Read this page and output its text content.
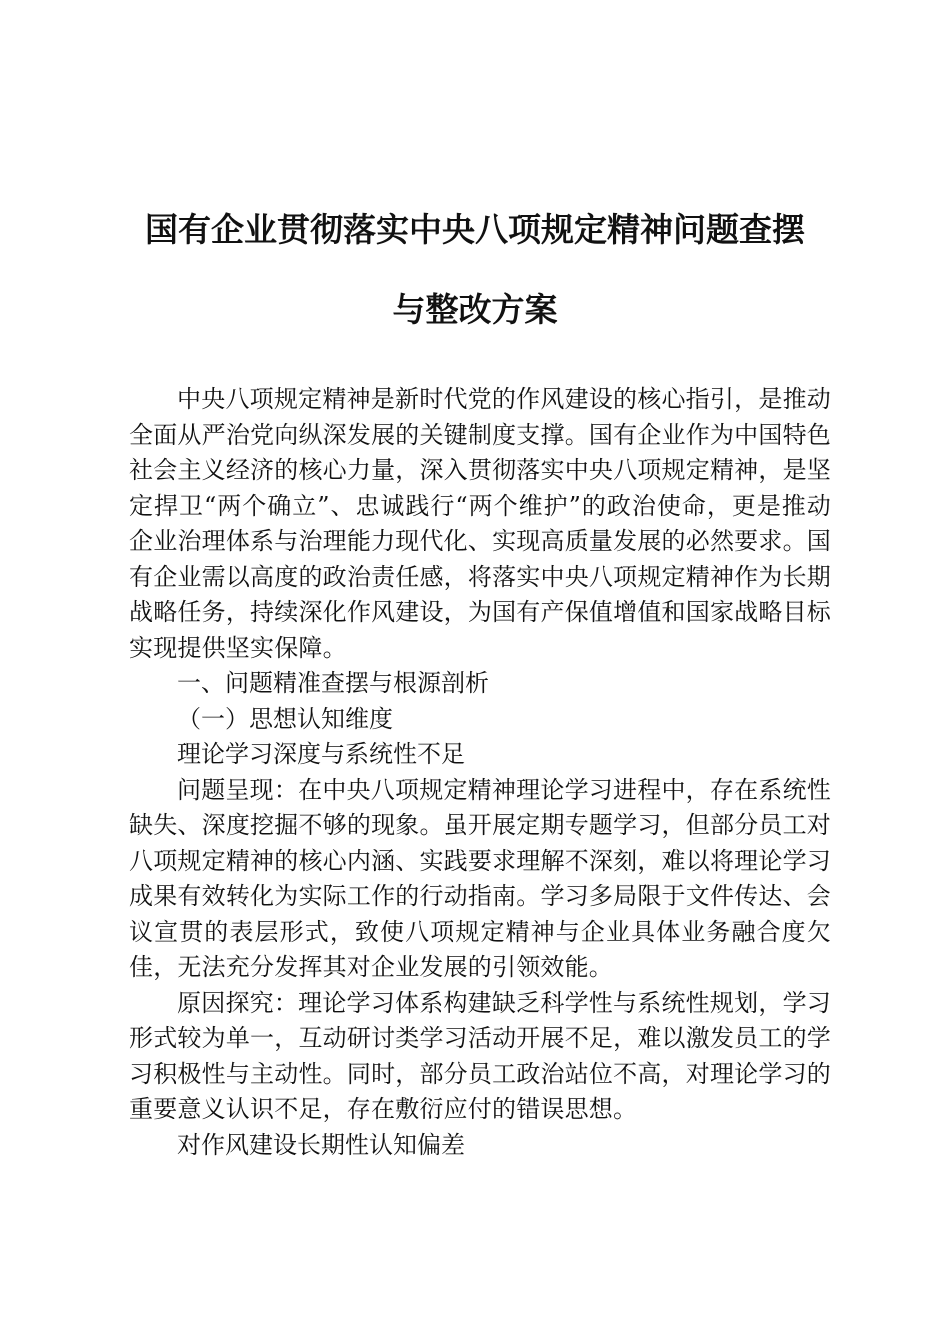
国有企业贯彻落实中央八项规定精神问题查摆
与整改方案

中央八项规定精神是新时代党的作风建设的核心指引，是推动全面从严治党向纵深发展的关键制度支撑。国有企业作为中国特色社会主义经济的核心力量，深入贯彻落实中央八项规定精神，是坚定捍卫“两个确立”、忠诚践行“两个维护”的政治使命，更是推动企业治理体系与治理能力现代化、实现高质量发展的必然要求。国有企业需以高度的政治责任感，将落实中央八项规定精神作为长期战略任务，持续深化作风建设，为国有产保值增值和国家战略目标实现提供坚实保障。

一、问题精准查摆与根源剖析

（一）思想认知维度

理论学习深度与系统性不足

问题呈现：在中央八项规定精神理论学习进程中，存在系统性缺失、深度挖掘不够的现象。虽开展定期专题学习，但部分员工对八项规定精神的核心内涵、实践要求理解不深刻，难以将理论学习成果有效转化为实际工作的行动指南。学习多局限于文件传达、会议宣贯的表层形式，致使八项规定精神与企业具体业务融合度欠佳，无法充分发挥其对企业发展的引领效能。

原因探究：理论学习体系构建缺乏科学性与系统性规划，学习形式较为单一，互动研讨类学习活动开展不足，难以激发员工的学习积极性与主动性。同时，部分员工政治站位不高，对理论学习的重要意义认识不足，存在敷衍应付的错误思想。

对作风建设长期性认知偏差
